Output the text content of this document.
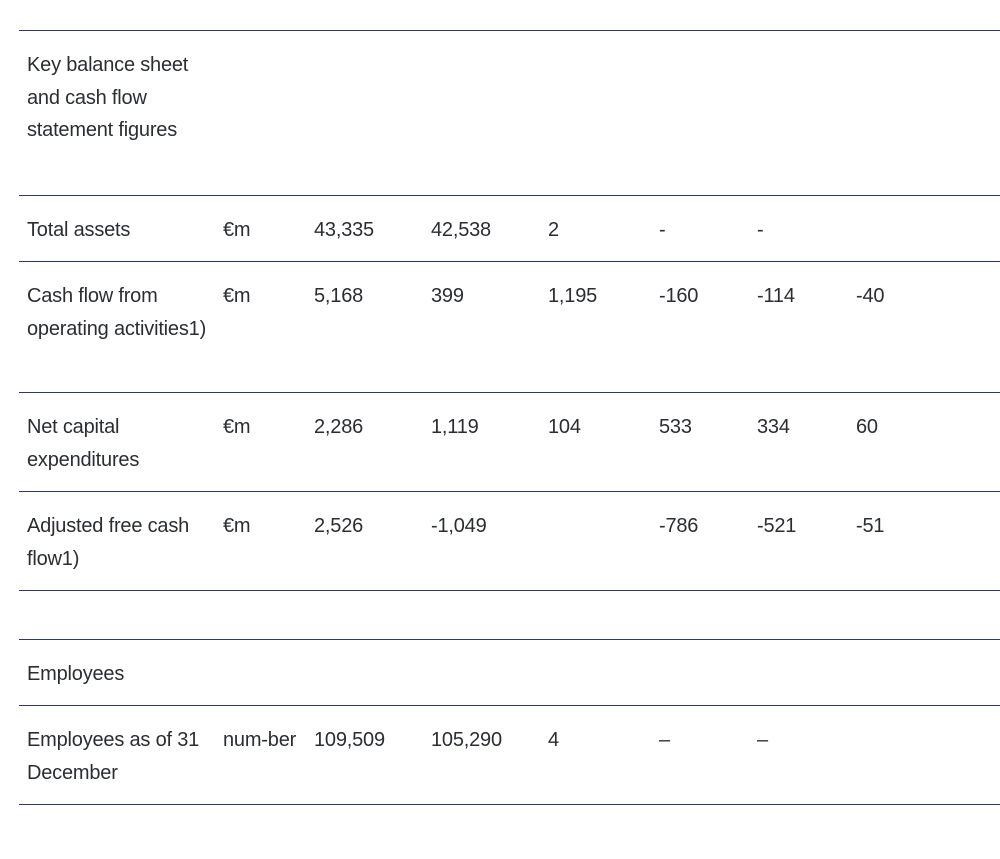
Key balance sheet and cash flow statement figures							
Total assets	€m	43,335	42,538	2	-	-	
Cash flow from operating activities1)	€m	5,168	399	1,195	-160	-114	-40
Net capital expenditures	€m	2,286	1,119	104	533	334	60
Adjusted free cash flow1)	€m	2,526	-1,049		-786	-521	-51

Employees							
Employees as of 31 December	num-ber	109,509	105,290	4	–	–	
